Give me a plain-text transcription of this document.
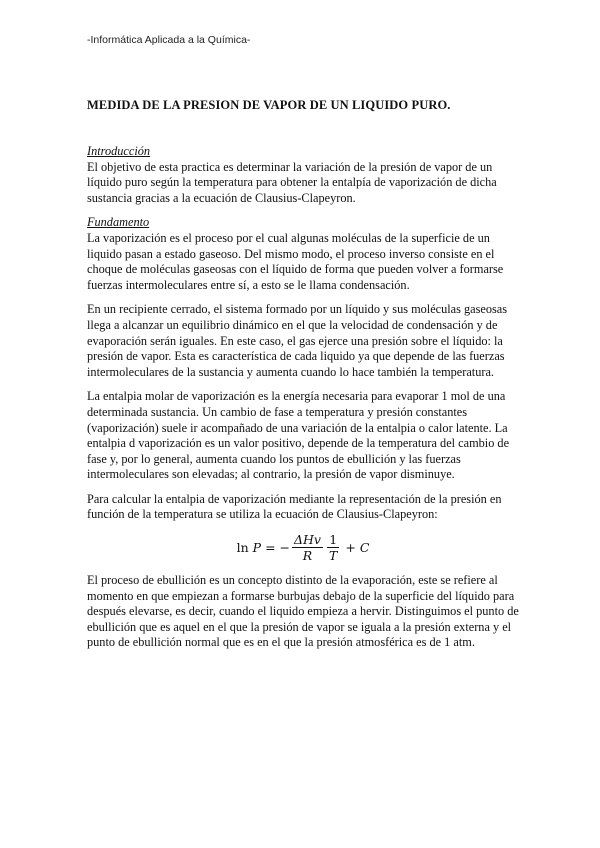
-Informática Aplicada a la Química-
MEDIDA DE LA PRESION DE VAPOR DE UN LIQUIDO PURO.

Introducción

El objetivo de esta practica es determinar la variación de la presión de vapor de un líquido puro según la temperatura para obtener la entalpía de vaporización de dicha sustancia gracias a la ecuación de Clausius-Clapeyron.

Fundamento

La vaporización es el proceso por el cual algunas moléculas de la superficie de un liquido pasan a estado gaseoso. Del mismo modo, el proceso inverso consiste en el choque de moléculas gaseosas con el líquido de forma que pueden volver a formarse fuerzas intermoleculares entre sí, a esto se le llama condensación.

En un recipiente cerrado, el sistema formado por un líquido y sus moléculas gaseosas llega a alcanzar un equilibrio dinámico en el que la velocidad de condensación y de evaporación serán iguales. En este caso, el gas ejerce una presión sobre el líquido: la presión de vapor. Esta es característica de cada liquido ya que depende de las fuerzas intermoleculares de la sustancia y aumenta cuando lo hace también la temperatura.

La entalpia molar de vaporización es la energía necesaria para evaporar 1 mol de una determinada sustancia. Un cambio de fase a temperatura y presión constantes (vaporización) suele ir acompañado de una variación de la entalpia o calor latente. La entalpia d vaporización es un valor positivo, depende de la temperatura del cambio de fase y, por lo general, aumenta cuando los puntos de ebullición y las fuerzas intermoleculares son elevadas; al contrario, la presión de vapor disminuye.

Para calcular la entalpia de vaporización mediante la representación de la presión en función de la temperatura se utiliza la ecuación de Clausius-Clapeyron:

ln P = − $\frac{\text{ΔHv}}{R} \frac{1}{T} + C$

El proceso de ebullición es un concepto distinto de la evaporación, este se refiere al momento en que empiezan a formarse burbujas debajo de la superficie del líquido para después elevarse, es decir, cuando el liquido empieza a hervir. Distinguimos el punto de ebullición que es aquel en el que la presión de vapor se iguala a la presión externa y el punto de ebullición normal que es en el que la presión atmosférica es de 1 atm.
